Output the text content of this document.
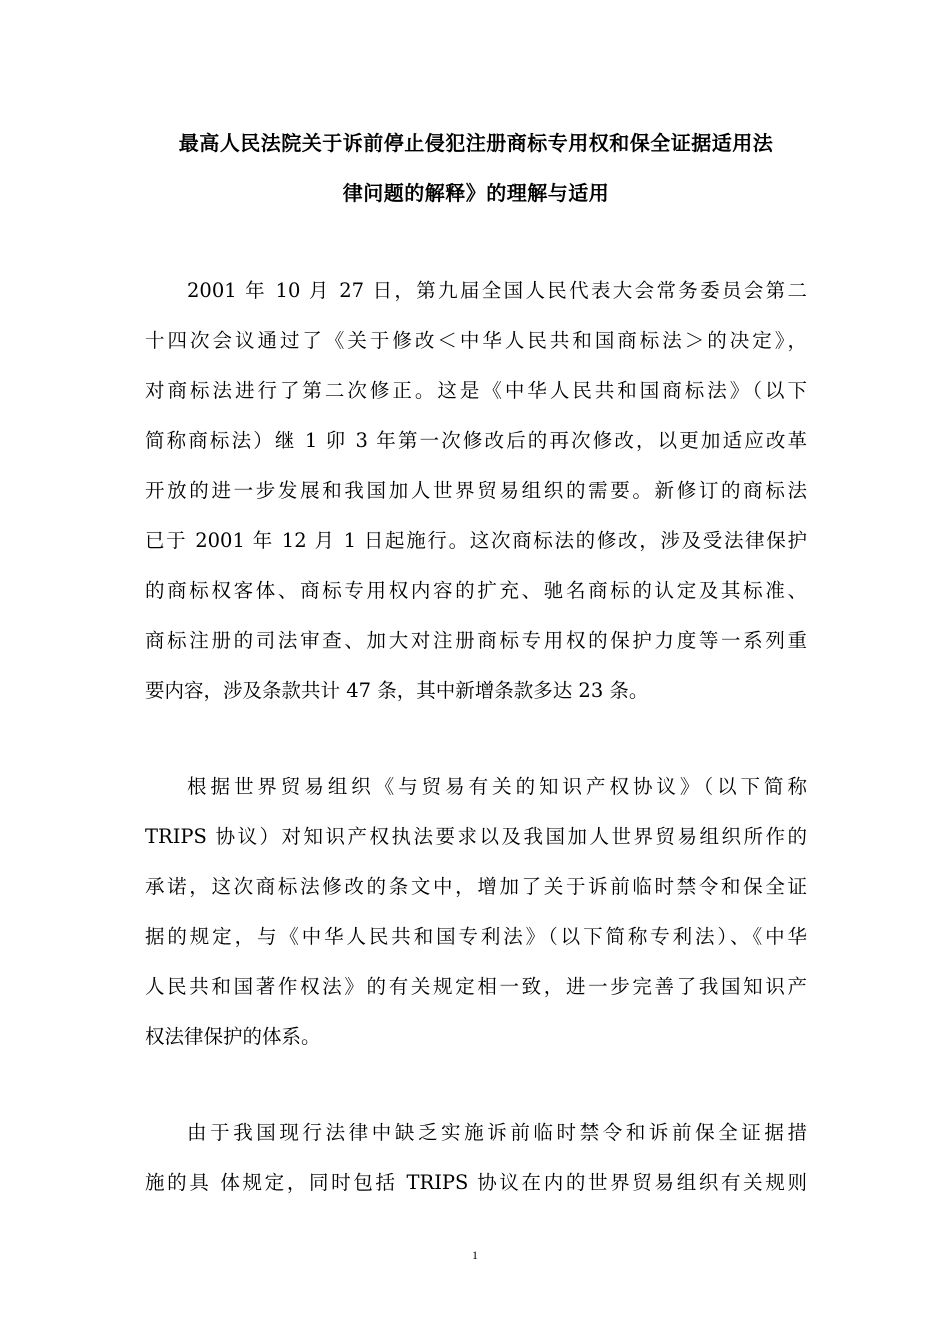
最高人民法院关于诉前停止侵犯注册商标专用权和保全证据适用法
律问题的解释》的理解与适用
2001 年 10 月 27 日，第九届全国人民代表大会常务委员会第二
十四次会议通过了《关于修改＜中华人民共和国商标法＞的决定》，
对商标法进行了第二次修正。这是《中华人民共和国商标法》（以下
简称商标法）继 1 卯 3 年第一次修改后的再次修改，以更加适应改革
开放的进一步发展和我国加人世界贸易组织的需要。新修订的商标法
已于 2001 年 12 月 1 日起施行。这次商标法的修改，涉及受法律保护
的商标权客体、商标专用权内容的扩充、驰名商标的认定及其标准、
商标注册的司法审查、加大对注册商标专用权的保护力度等一系列重
要内容，涉及条款共计 47 条，其中新增条款多达 23 条。
根据世界贸易组织《与贸易有关的知识产权协议》（以下简称
TRIPS 协议）对知识产权执法要求以及我国加人世界贸易组织所作的
承诺，这次商标法修改的条文中，增加了关于诉前临时禁令和保全证
据的规定，与《中华人民共和国专利法》（以下简称专利法）、《中华
人民共和国著作权法》的有关规定相一致，进一步完善了我国知识产
权法律保护的体系。
由于我国现行法律中缺乏实施诉前临时禁令和诉前保全证据措
施的具 体规定，同时包括 TRIPS 协议在内的世界贸易组织有关规则
1
